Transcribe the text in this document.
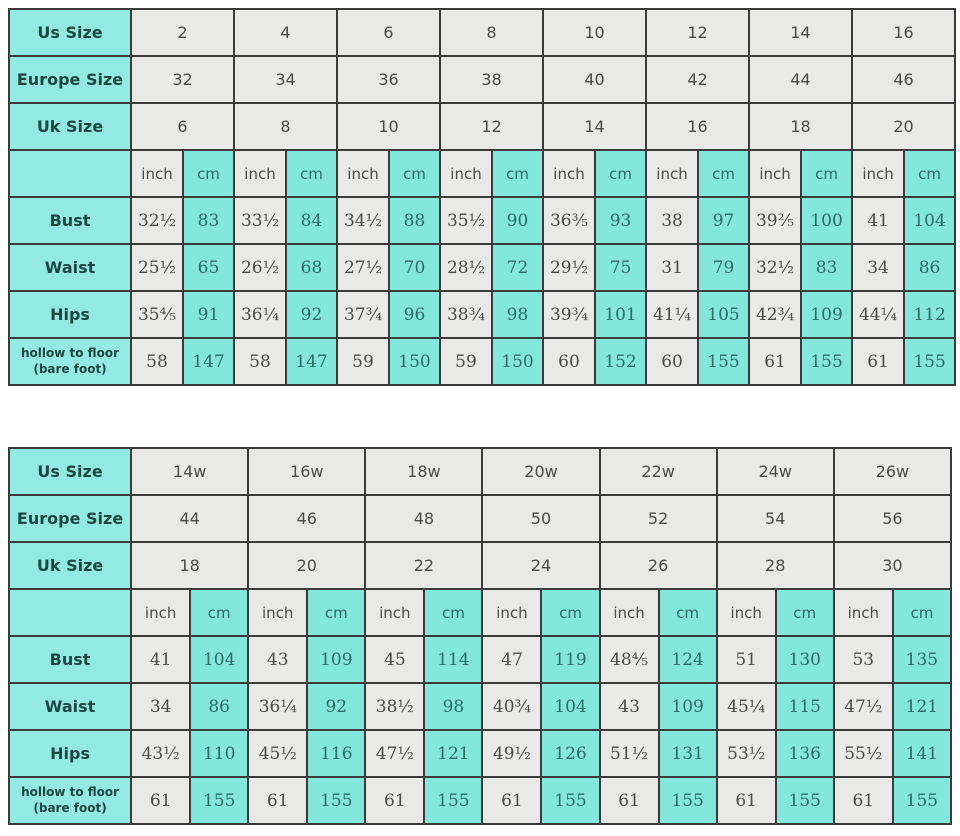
Us Size	2		4		6		8		10		12		14		16	
Europe Size	32		34		36		38		40		42		44		46	
Uk Size	6		8		10		12		14		16		18		20	
	inch	cm	inch	cm	inch	cm	inch	cm	inch	cm	inch	cm	inch	cm	inch	cm
Bust	32½	83	33½	84	34½	88	35½	90	36⅗	93	38	97	39⅖	100	41	104
Waist	25½	65	26½	68	27½	70	28½	72	29½	75	31	79	32½	83	34	86
Hips	35⅘	91	36¼	92	37¾	96	38¾	98	39¾	101	41¼	105	42¾	109	44¼	112
hollow to floor (bare foot)	58	147	58	147	59	150	59	150	60	152	60	155	61	155	61	155
Us Size	14w		16w		18w		20w		22w		24w		26w	
Europe Size	44		46		48		50		52		54		56	
Uk Size	18		20		22		24		26		28		30	
	inch	cm	inch	cm	inch	cm	inch	cm	inch	cm	inch	cm	inch	cm
Bust	41	104	43	109	45	114	47	119	48⅘	124	51	130	53	135
Waist	34	86	36¼	92	38½	98	40¾	104	43	109	45¼	115	47½	121
Hips	43½	110	45½	116	47½	121	49½	126	51½	131	53½	136	55½	141
hollow to floor (bare foot)	61	155	61	155	61	155	61	155	61	155	61	155	61	155
